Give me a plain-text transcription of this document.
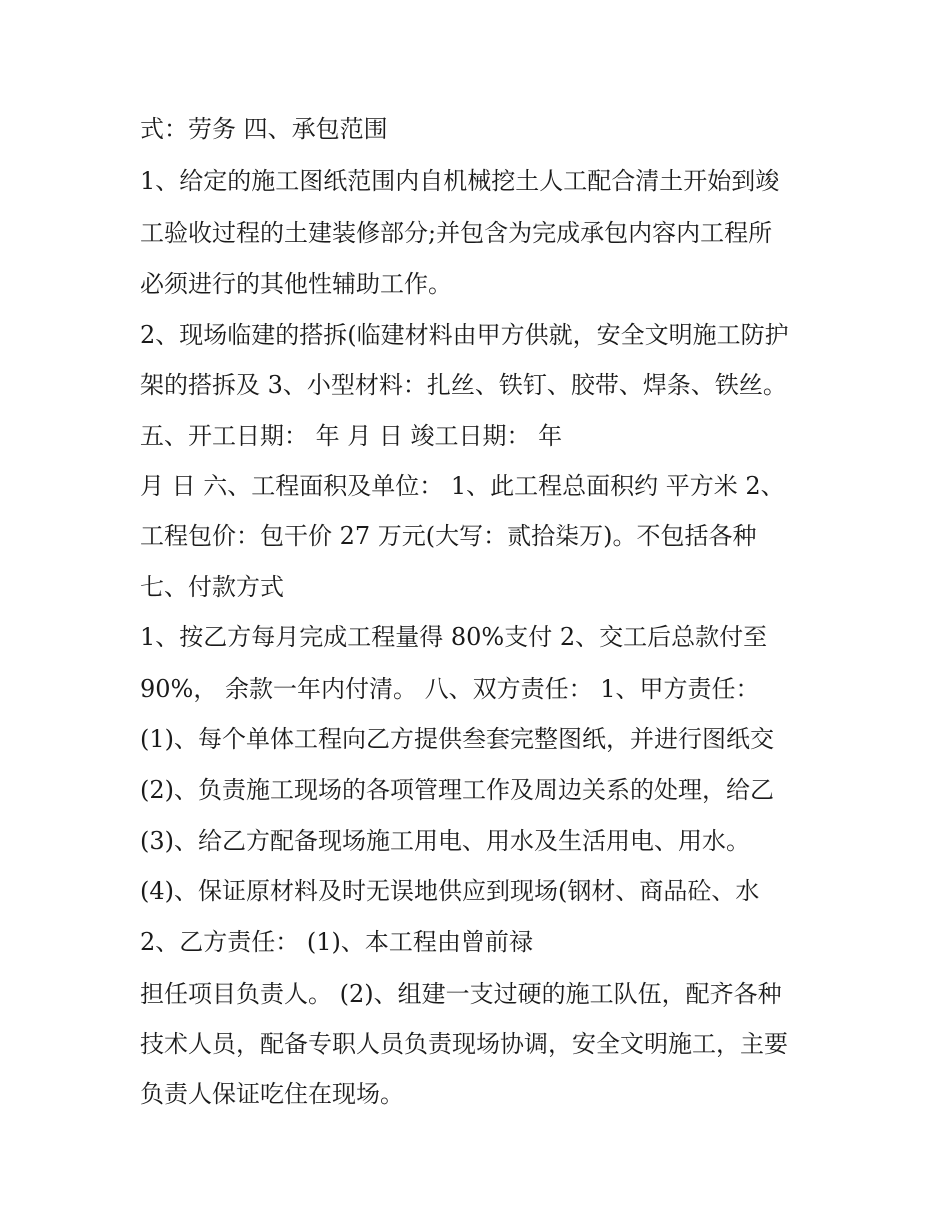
式：劳务 四、承包范围

1、给定的施工图纸范围内自机械挖土人工配合清土开始到竣

工验收过程的土建装修部分;并包含为完成承包内容内工程所

必须进行的其他性辅助工作。

2、现场临建的搭拆(临建材料由甲方供就，安全文明施工防护

架的搭拆及 3、小型材料：扎丝、铁钉、胶带、焊条、铁丝。

五、开工日期： 年 月 日 竣工日期： 年

月 日 六、工程面积及单位： 1、此工程总面积约 平方米 2、

工程包价：包干价 27 万元(大写：贰拾柒万)。不包括各种

七、付款方式

1、按乙方每月完成工程量得 80%支付 2、交工后总款付至

90%， 余款一年内付清。 八、双方责任： 1、甲方责任：

(1)、每个单体工程向乙方提供叁套完整图纸，并进行图纸交

(2)、负责施工现场的各项管理工作及周边关系的处理，给乙

(3)、给乙方配备现场施工用电、用水及生活用电、用水。

(4)、保证原材料及时无误地供应到现场(钢材、商品砼、水

2、乙方责任： (1)、本工程由曾前禄

担任项目负责人。 (2)、组建一支过硬的施工队伍，配齐各种

技术人员，配备专职人员负责现场协调，安全文明施工，主要

负责人保证吃住在现场。
